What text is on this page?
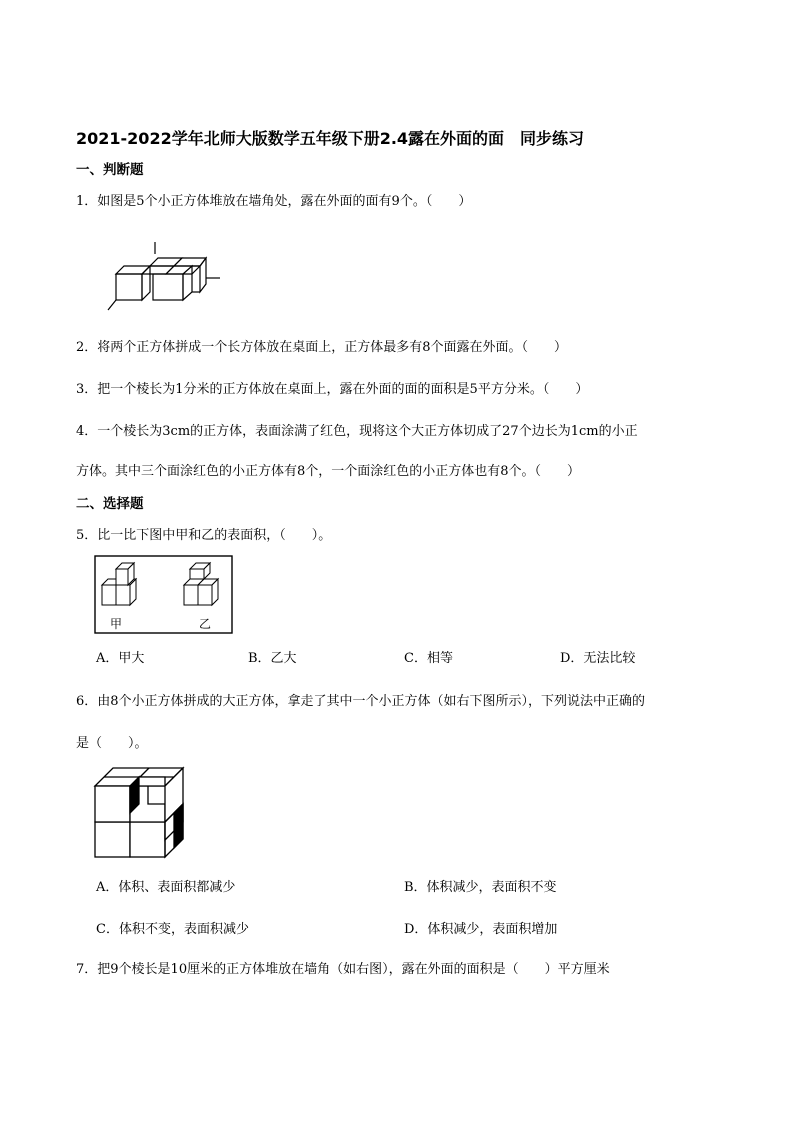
2021-2022学年北师大版数学五年级下册2.4露在外面的面　同步练习
一、判断题
1．如图是5个小正方体堆放在墙角处，露在外面的面有9个。（　　）
2．将两个正方体拼成一个长方体放在桌面上，正方体最多有8个面露在外面。（　　）
3．把一个棱长为1分米的正方体放在桌面上，露在外面的面的面积是5平方分米。（　　）
4．一个棱长为3cm的正方体，表面涂满了红色，现将这个大正方体切成了27个边长为1cm的小正
方体。其中三个面涂红色的小正方体有8个，一个面涂红色的小正方体也有8个。（　　）
二、选择题
5．比一比下图中甲和乙的表面积，（　　）。
甲	乙
A．甲大	B．乙大	C．相等	D．无法比较
6．由8个小正方体拼成的大正方体，拿走了其中一个小正方体（如右下图所示），下列说法中正确的
是（　　）。
A．体积、表面积都减少	B．体积减少，表面积不变
C．体积不变，表面积减少	D．体积减少，表面积增加
7．把9个棱长是10厘米的正方体堆放在墙角（如右图），露在外面的面积是（　　）平方厘米
